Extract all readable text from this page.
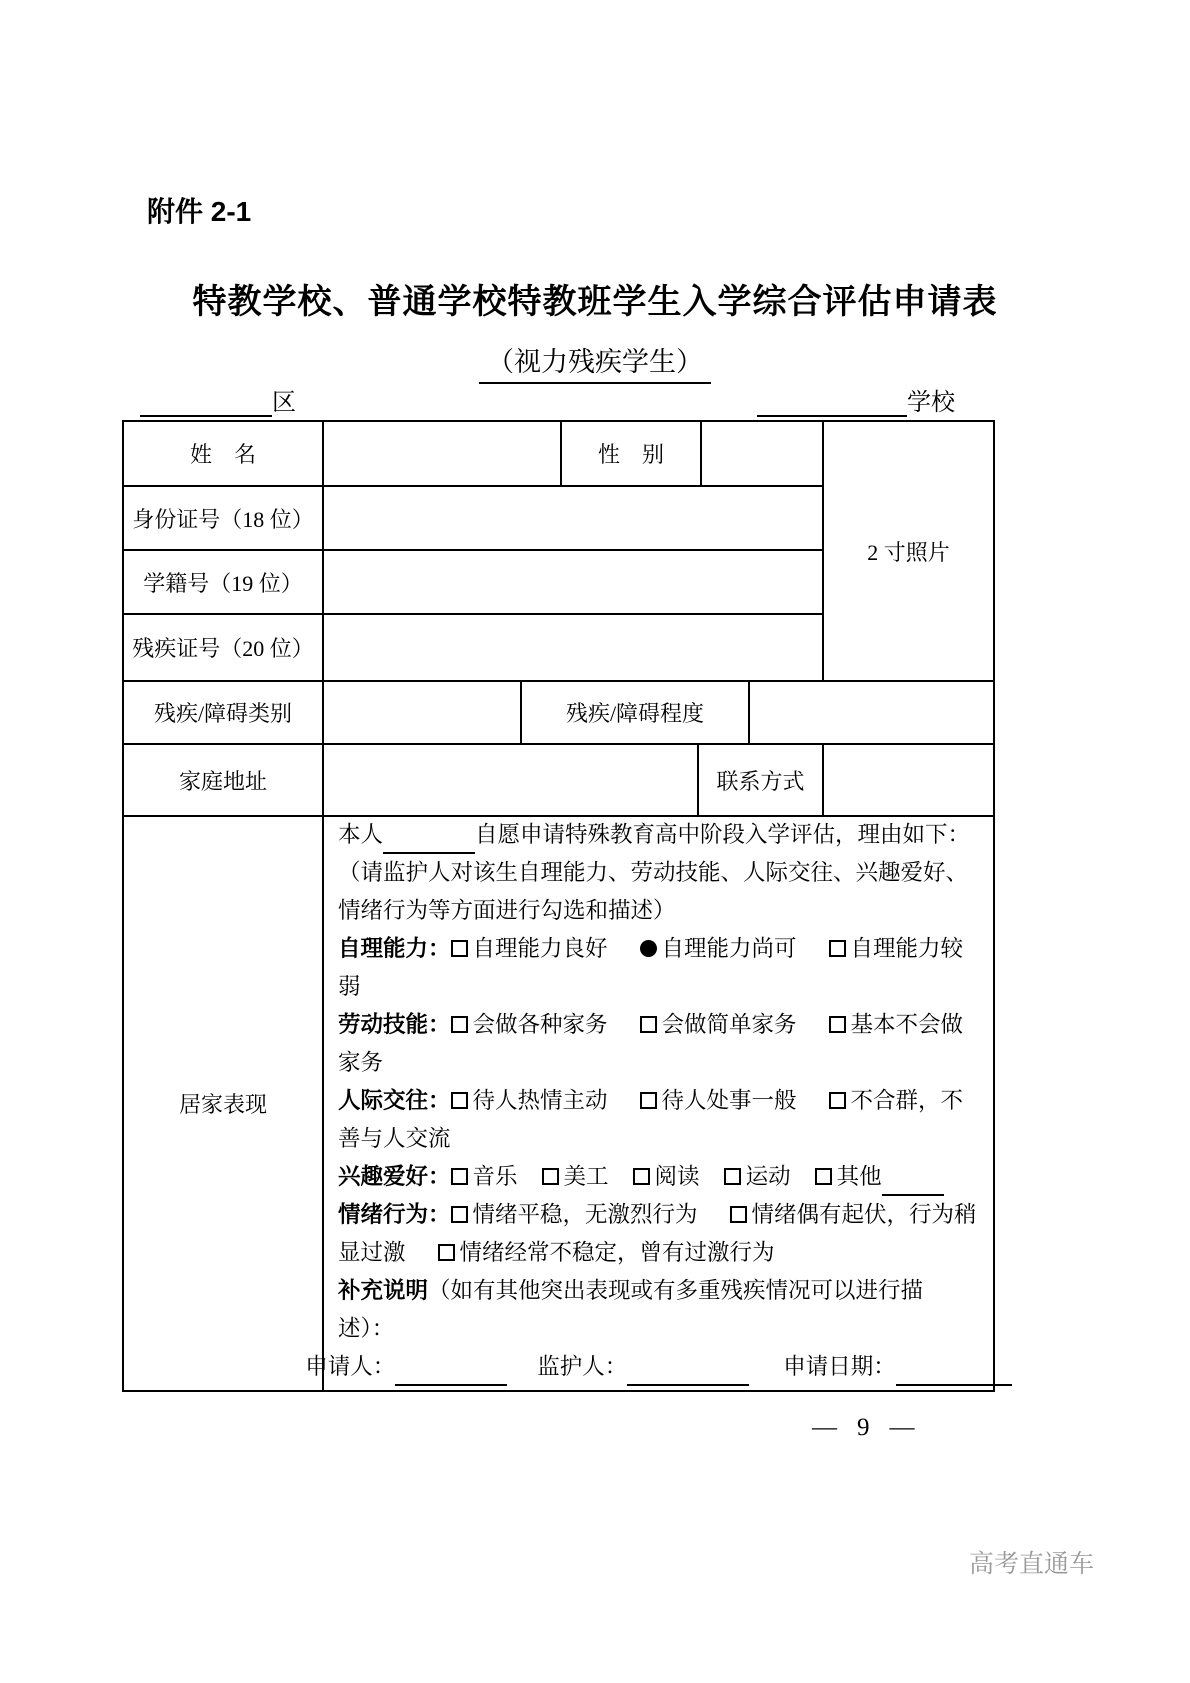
附件 2-1
特教学校、普通学校特教班学生入学综合评估申请表
（视力残疾学生）
区	学校
姓　名	性　别
身份证号（18 位）
学籍号（19 位）
残疾证号（20 位）
2 寸照片
残疾/障碍类别	残疾/障碍程度
家庭地址	联系方式
居家表现
本人	自愿申请特殊教育高中阶段入学评估，理由如下：
（请监护人对该生自理能力、劳动技能、人际交往、兴趣爱好、情绪行为等方面进行勾选和描述）
自理能力： 自理能力良好 自理能力尚可 自理能力较弱
劳动技能： 会做各种家务 会做简单家务 基本不会做家务
人际交往： 待人热情主动 待人处事一般 不合群，不善与人交流
兴趣爱好： 音乐 美工 阅读 运动 其他
情绪行为： 情绪平稳，无激烈行为 情绪偶有起伏，行为稍显过激 情绪经常不稳定，曾有过激行为
补充说明（如有其他突出表现或有多重残疾情况可以进行描述）：
申请人：	监护人：	申请日期：
— 9 —
高考直通车
